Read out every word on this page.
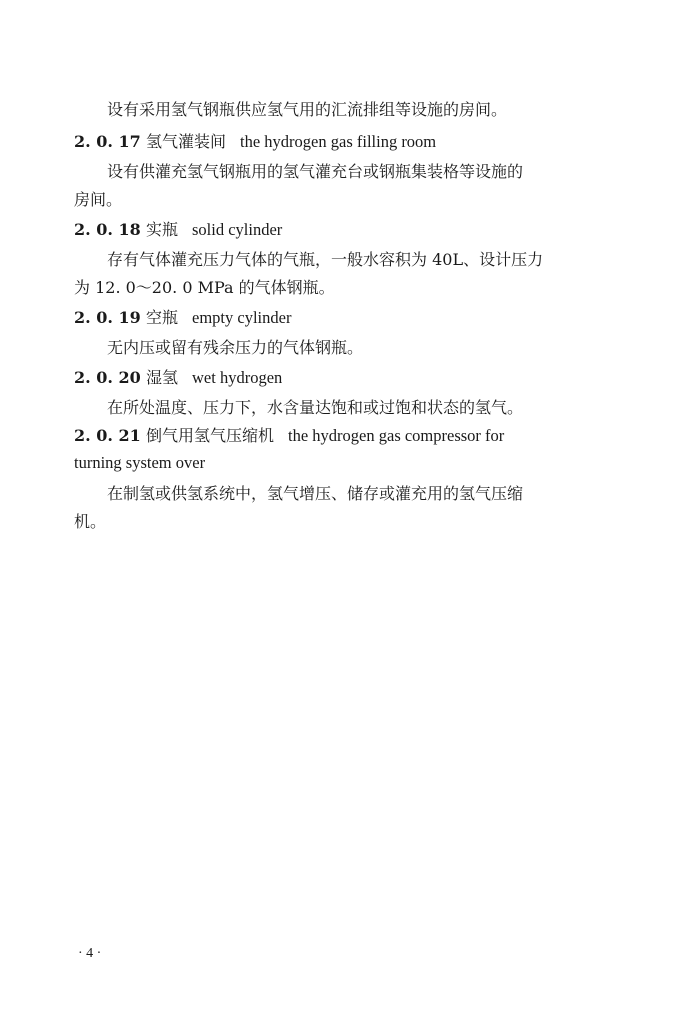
设有采用氢气钢瓶供应氢气用的汇流排组等设施的房间。
2. 0. 17 氢气灌装间 the hydrogen gas filling room
设有供灌充氢气钢瓶用的氢气灌充台或钢瓶集装格等设施的
房间。
2. 0. 18 实瓶 solid cylinder
存有气体灌充压力气体的气瓶，一般水容积为 40L、设计压力
为 12. 0～20. 0 MPa 的气体钢瓶。
2. 0. 19 空瓶 empty cylinder
无内压或留有残余压力的气体钢瓶。
2. 0. 20 湿氢 wet hydrogen
在所处温度、压力下，水含量达饱和或过饱和状态的氢气。
2. 0. 21 倒气用氢气压缩机 the hydrogen gas compressor for
turning system over
在制氢或供氢系统中，氢气增压、储存或灌充用的氢气压缩
机。
· 4 ·
